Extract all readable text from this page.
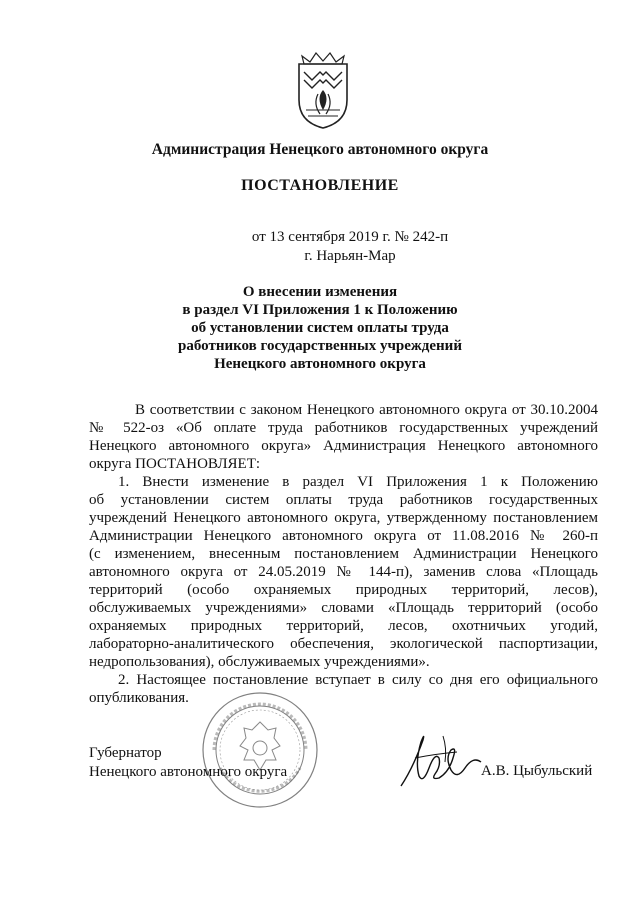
Администрация Ненецкого автономного округа
ПОСТАНОВЛЕНИЕ
от 13 сентября 2019 г. № 242-п
г. Нарьян-Мар
О внесении изменения
в раздел VI Приложения 1 к Положению
об установлении систем оплаты труда
работников государственных учреждений
Ненецкого автономного округа
В соответствии с законом Ненецкого автономного округа от 30.10.2004
№ 522-оз «Об оплате труда работников государственных учреждений
Ненецкого автономного округа» Администрация Ненецкого автономного
округа ПОСТАНОВЛЯЕТ:
1. Внести изменение в раздел VI Приложения 1 к Положению
об установлении систем оплаты труда работников государственных
учреждений Ненецкого автономного округа, утвержденному постановлением
Администрации Ненецкого автономного округа от 11.08.2016 № 260-п
(с изменением, внесенным постановлением Администрации Ненецкого
автономного округа от 24.05.2019 № 144-п), заменив слова «Площадь
территорий (особо охраняемых природных территорий, лесов),
обслуживаемых учреждениями» словами «Площадь территорий (особо
охраняемых природных территорий, лесов, охотничьих угодий,
лабораторно-аналитического обеспечения, экологической паспортизации,
недропользования), обслуживаемых учреждениями».
2. Настоящее постановление вступает в силу со дня его официального
опубликования.
Губернатор
Ненецкого автономного округа	А.В. Цыбульский
